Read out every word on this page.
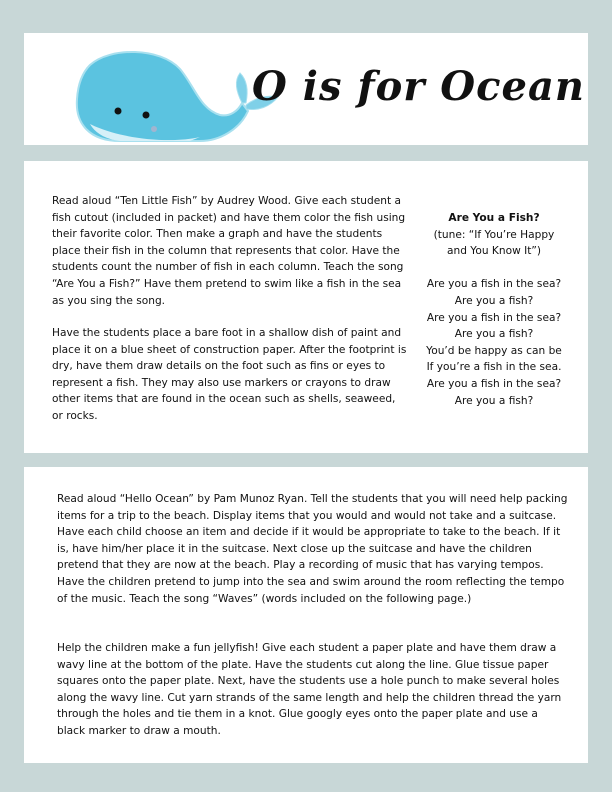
O is for Ocean

Read aloud “Ten Little Fish” by Audrey Wood. Give each student a fish cutout (included in packet) and have them color the fish using their favorite color. Then make a graph and have the students place their fish in the column that represents that color. Have the students count the number of fish in each column. Teach the song “Are You a Fish?” Have them pretend to swim like a fish in the sea as you sing the song.

Have the students place a bare foot in a shallow dish of paint and place it on a blue sheet of construction paper. After the footprint is dry, have them draw details on the foot such as fins or eyes to represent a fish. They may also use markers or crayons to draw other items that are found in the ocean such as shells, seaweed, or rocks.

Are You a Fish?
(tune: “If You’re Happy
and You Know It”)
Are you a fish in the sea?
Are you a fish?
Are you a fish in the sea?
Are you a fish?
You’d be happy as can be
If you’re a fish in the sea.
Are you a fish in the sea?
Are you a fish?

Read aloud “Hello Ocean” by Pam Munoz Ryan. Tell the students that you will need help packing items for a trip to the beach. Display items that you would and would not take and a suitcase. Have each child choose an item and decide if it would be appropriate to take to the beach. If it is, have him/her place it in the suitcase. Next close up the suitcase and have the children pretend that they are now at the beach. Play a recording of music that has varying tempos. Have the children pretend to jump into the sea and swim around the room reflecting the tempo of the music. Teach the song “Waves” (words included on the following page.)

Help the children make a fun jellyfish! Give each student a paper plate and have them draw a wavy line at the bottom of the plate. Have the students cut along the line. Glue tissue paper squares onto the paper plate. Next, have the students use a hole punch to make several holes along the wavy line. Cut yarn strands of the same length and help the children thread the yarn through the holes and tie them in a knot. Glue googly eyes onto the paper plate and use a black marker to draw a mouth.
